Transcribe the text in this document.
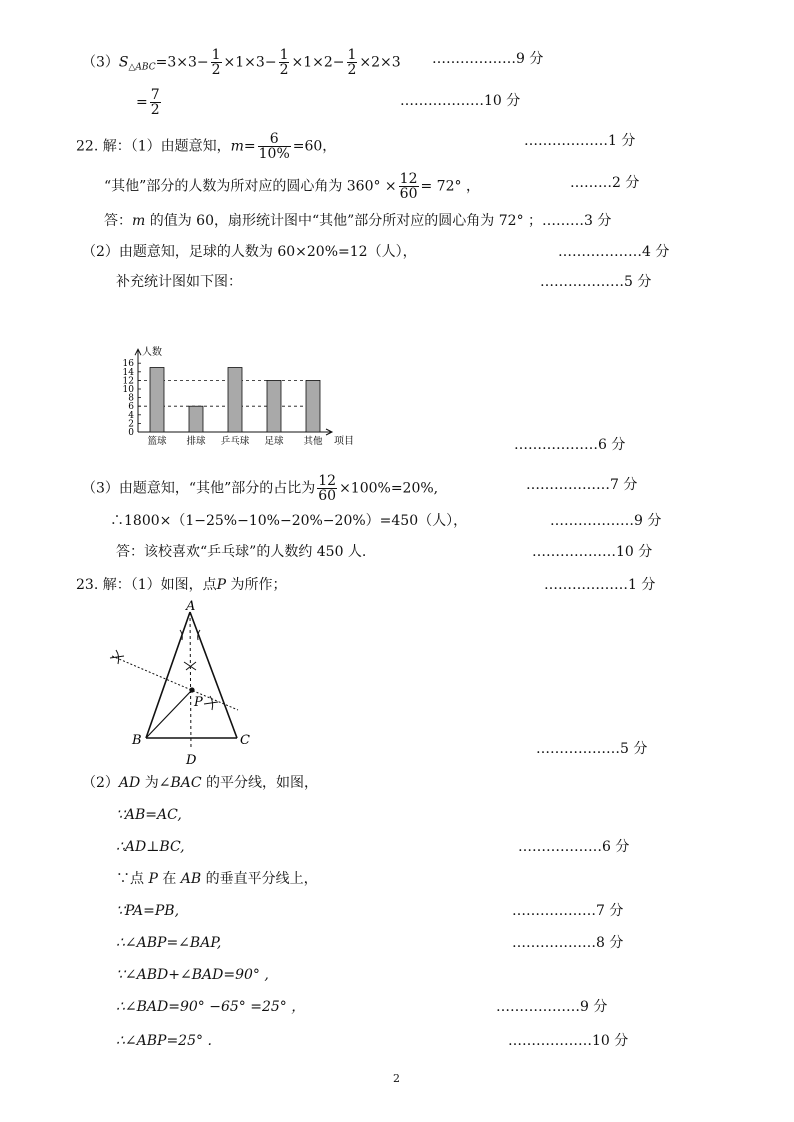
$(3)S_{\triangle ABC}=3\times 3- \frac{1}{2} \times 1\times 3- \frac{1}{2} \times 1\times 2- \frac{1}{2} \times 2\times 3$ ………………9 分
= $\frac{7}{2}$	………………10 分
22. 解：（1）由题意知，$m= \frac{6}{10\%} =60$，	………………1 分
“其他”部分的人数为所对应的圆心角为 $360^\circ \times \frac{12}{60} = 72^\circ$ ，	………2 分
答：m 的值为 60，扇形统计图中“其他”部分所对应的圆心角为 72° ；………3 分
（2）由题意知，足球的人数为 60×20%=12（人），	………………4 分
补充统计图如下图：	………………5 分
人数
项目
0
2
4
6
8
10
12
14
16
篮球 排球 乒乓球 足球 其他	………………6 分
（3）由题意知，“其他”部分的占比为 $\frac{12}{60} \times 100\%=20\%$,	………………7 分
∴1800×（1−25%−10%−20%−20%）=450（人），	………………9 分
答：该校喜欢“乒乓球”的人数约 450 人.	………………10 分
23. 解：（1）如图，点P 为所作；	………………1 分
A
B	C
D
P
………………5 分
（2）AD 为∠BAC 的平分线，如图，
∵AB=AC,
∴AD⊥BC,	………………6 分
∵点 P 在 AB 的垂直平分线上，
∵PA=PB,	………………7 分
∴∠ABP=∠BAP,	………………8 分
∵∠ABD+∠BAD=90° ,
∴∠BAD=90° −65° =25° ，	………………9 分
∴∠ABP=25° .	………………10 分
2
